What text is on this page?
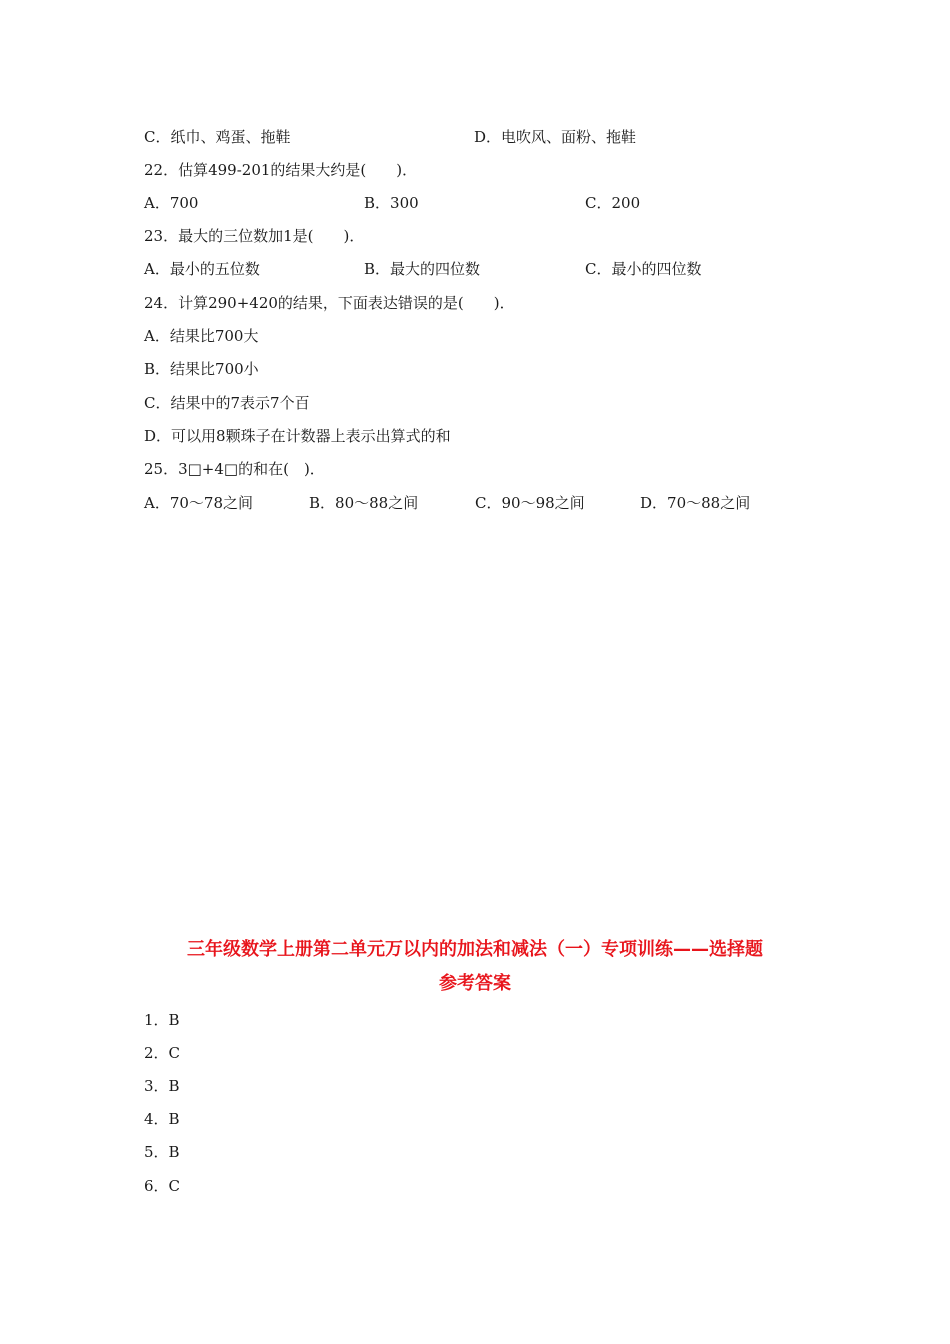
C．纸巾、鸡蛋、拖鞋	D．电吹风、面粉、拖鞋
22．估算499-201的结果大约是(　　)．
A．700	B．300	C．200
23．最大的三位数加1是(　　)．
A．最小的五位数	B．最大的四位数	C．最小的四位数
24．计算290+420的结果，下面表达错误的是(　　)．
A．结果比700大
B．结果比700小
C．结果中的7表示7个百
D．可以用8颗珠子在计数器上表示出算式的和
25．3□+4□的和在(　)．
A．70～78之间	B．80～88之间	C．90～98之间	D．70～88之间
三年级数学上册第二单元万以内的加法和减法（一）专项训练——选择题
参考答案
1．B
2．C
3．B
4．B
5．B
6．C
